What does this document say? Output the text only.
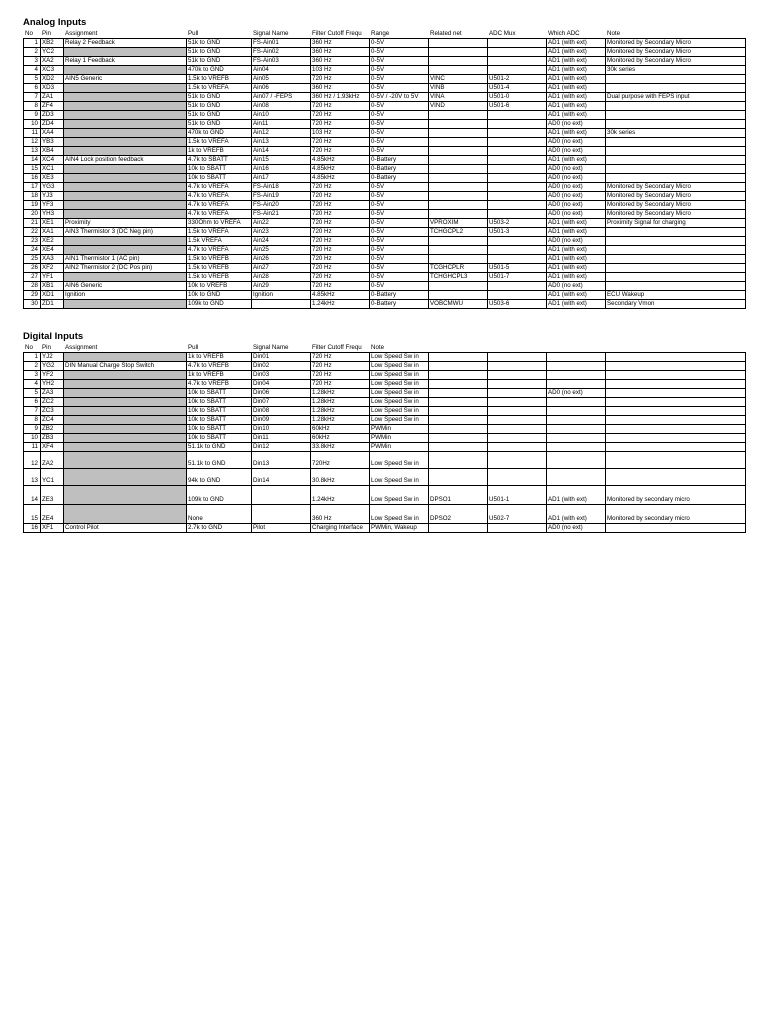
Analog Inputs
No	Pin	Assignment	Pull	Signal Name	Filter Cutoff Frequ	Range	Related net	ADC Mux	Which ADC	Note
1	XB2	Relay 2 Feedback	51k to GND	FS-Ain01	360 Hz	0-5V			AD1 (with ext)	Monitored by Secondary Micro
2	YC2		51k to GND	FS-Ain02	360 Hz	0-5V			AD1 (with ext)	Monitored by Secondary Micro
3	XA2	Relay 1 Feedback	51k to GND	FS-Ain03	360 Hz	0-5V			AD1 (with ext)	Monitored by Secondary Micro
4	XC3		470k to GND	Ain04	103 Hz	0-5V			AD1 (with ext)	30k series
5	XD2	AIN5 Generic	1.5k to VREFB	Ain05	720 Hz	0-5V	VINC	U501-2	AD1 (with ext)	
6	XD3		1.5k to VREFA	Ain06	360 Hz	0-5V	VINB	U501-4	AD1 (with ext)	
7	ZA1		51k to GND	Ain07 / -FEPS	360 Hz / 1.93kHz	0-5V / -20V to 5V	VINA	U501-0	AD1 (with ext)	Dual purpose with FEPS input
8	ZF4		51k to GND	Ain08	720 Hz	0-5V	VIND	U501-6	AD1 (with ext)	
9	ZD3		51k to GND	Ain10	720 Hz	0-5V			AD1 (with ext)	
10	ZD4		51k to GND	Ain11	720 Hz	0-5V			AD0 (no ext)	
11	XA4		470k to GND	Ain12	103 Hz	0-5V			AD1 (with ext)	30k series
12	YB3		1.5k to VREFA	Ain13	720 Hz	0-5V			AD0 (no ext)	
13	XB4		1k to VREFB	Ain14	720 Hz	0-5V			AD0 (no ext)	
14	XC4	AIN4 Lock position feedback	4.7k to SBATT	Ain15	4.85kHz	0-Battery			AD1 (with ext)	
15	XC1		10k to SBATT	Ain16	4.85kHz	0-Battery			AD0 (no ext)	
16	XE3		10k to SBATT	Ain17	4.85kHz	0-Battery			AD0 (no ext)	
17	YG3		4.7k to VREFA	FS-Ain18	720 Hz	0-5V			AD0 (no ext)	Monitored by Secondary Micro
18	YJ3		4.7k to VREFA	FS-Ain19	720 Hz	0-5V			AD0 (no ext)	Monitored by Secondary Micro
19	YF3		4.7k to VREFA	FS-Ain20	720 Hz	0-5V			AD0 (no ext)	Monitored by Secondary Micro
20	YH3		4.7k to VREFA	FS-Ain21	720 Hz	0-5V			AD0 (no ext)	Monitored by Secondary Micro
21	XE1	Proximity	330Ohm to VREFA	Ain22	720 Hz	0-5V	VPROXIM	U503-2	AD1 (with ext)	Proximity Signal for charging
22	XA1	AIN3 Thermistor 3 (DC Neg pin)	1.5k to VREFA	Ain23	720 Hz	0-5V	TCHGCPL2	U501-3	AD1 (with ext)	
23	XE2		1.5k VREFA	Ain24	720 Hz	0-5V			AD0 (no ext)	
24	XE4		4.7k to VREFA	Ain25	720 Hz	0-5V			AD1 (with ext)	
25	XA3	AIN1 Thermistor 1 (AC pin)	1.5k to VREFB	Ain26	720 Hz	0-5V			AD1 (with ext)	
26	XF2	AIN2 Thermistor 2 (DC Pos pin)	1.5k to VREFB	Ain27	720 Hz	0-5V	TCGHCPLR	U501-5	AD1 (with ext)	
27	YF1		1.5k to VREFB	Ain28	720 Hz	0-5V	TCHGHCPL3	U501-7	AD1 (with ext)	
28	XB1	AIN6 Generic	10k to VREFB	Ain29	720 Hz	0-5V			AD0 (no ext)	
29	XD1	Ignition	10k to GND	Ignition	4.85kHz	0-Battery			AD1 (with ext)	ECU Wakeup
30	ZD1		109k to GND		1.24kHz	0-Battery	VOBCMWU	U503-6	AD1 (with ext)	Secondary Vmon
Digital Inputs
No	Pin	Assignment	Pull	Signal Name	Filter Cutoff Frequ	Note				
1	YJ2		1k to VREFB	Din01	720 Hz	Low Speed Sw in				
2	YG2	DIN Manual Charge Stop Switch	4.7k to VREFB	Din02	720 Hz	Low Speed Sw in				
3	YF2		1k to VREFB	Din03	720 Hz	Low Speed Sw in				
4	YH2		4.7k to VREFB	Din04	720 Hz	Low Speed Sw in				
5	ZA3		10k to SBATT	Din06	1.28kHz	Low Speed Sw in			AD0 (no ext)	
6	ZC2		10k to SBATT	Din07	1.28kHz	Low Speed Sw in				
7	ZC3		10k to SBATT	Din08	1.28kHz	Low Speed Sw in				
8	ZC4		10k to SBATT	Din09	1.28kHz	Low Speed Sw in				
9	ZB2		10k to SBATT	Din10	60kHz	PWMin				
10	ZB3		10k to SBATT	Din11	60kHz	PWMin				
11	XF4		51.1k to GND	Din12	33.8kHz	PWMin				
12	ZA2		51.1k to GND	Din13	720Hz	Low Speed Sw in				
13	YC1		94k to GND	Din14	30.8kHz	Low Speed Sw in				
14	ZE3		109k to GND		1.24kHz	Low Speed Sw in	DPSO1	U501-1	AD1 (with ext)	Monitored by secondary micro
15	ZE4		None		360 Hz	Low Speed Sw in	DPSO2	U502-7	AD1 (with ext)	Monitored by secondary micro
16	XF1	Control Pilot	2.7k to GND	Pilot	Charging Interface	PWMin, Wakeup			AD0 (no ext)	
